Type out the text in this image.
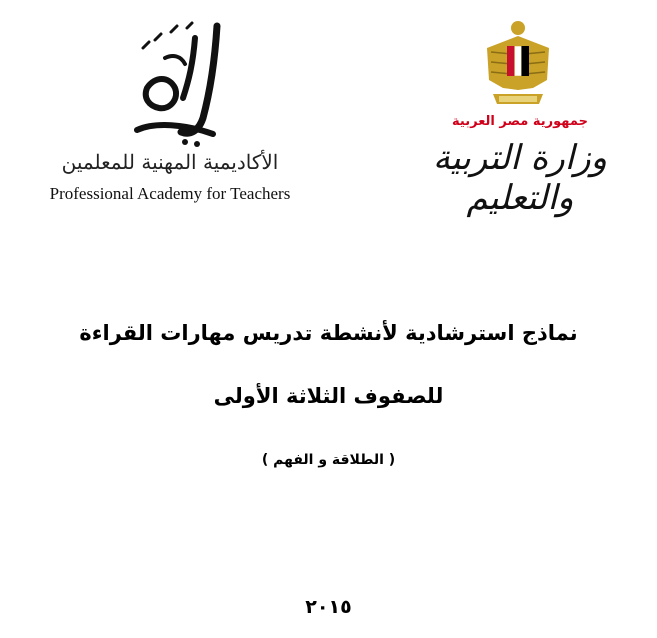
الأكاديمية المهنية للمعلمين
Professional Academy for Teachers
جمهورية مصر العربية
وزارة التربية والتعليم
نماذج استرشادية لأنشطة تدريس مهارات القراءة
للصفوف الثلاثة الأولى
( الطلاقة و الفهم )
٢٠١٥
